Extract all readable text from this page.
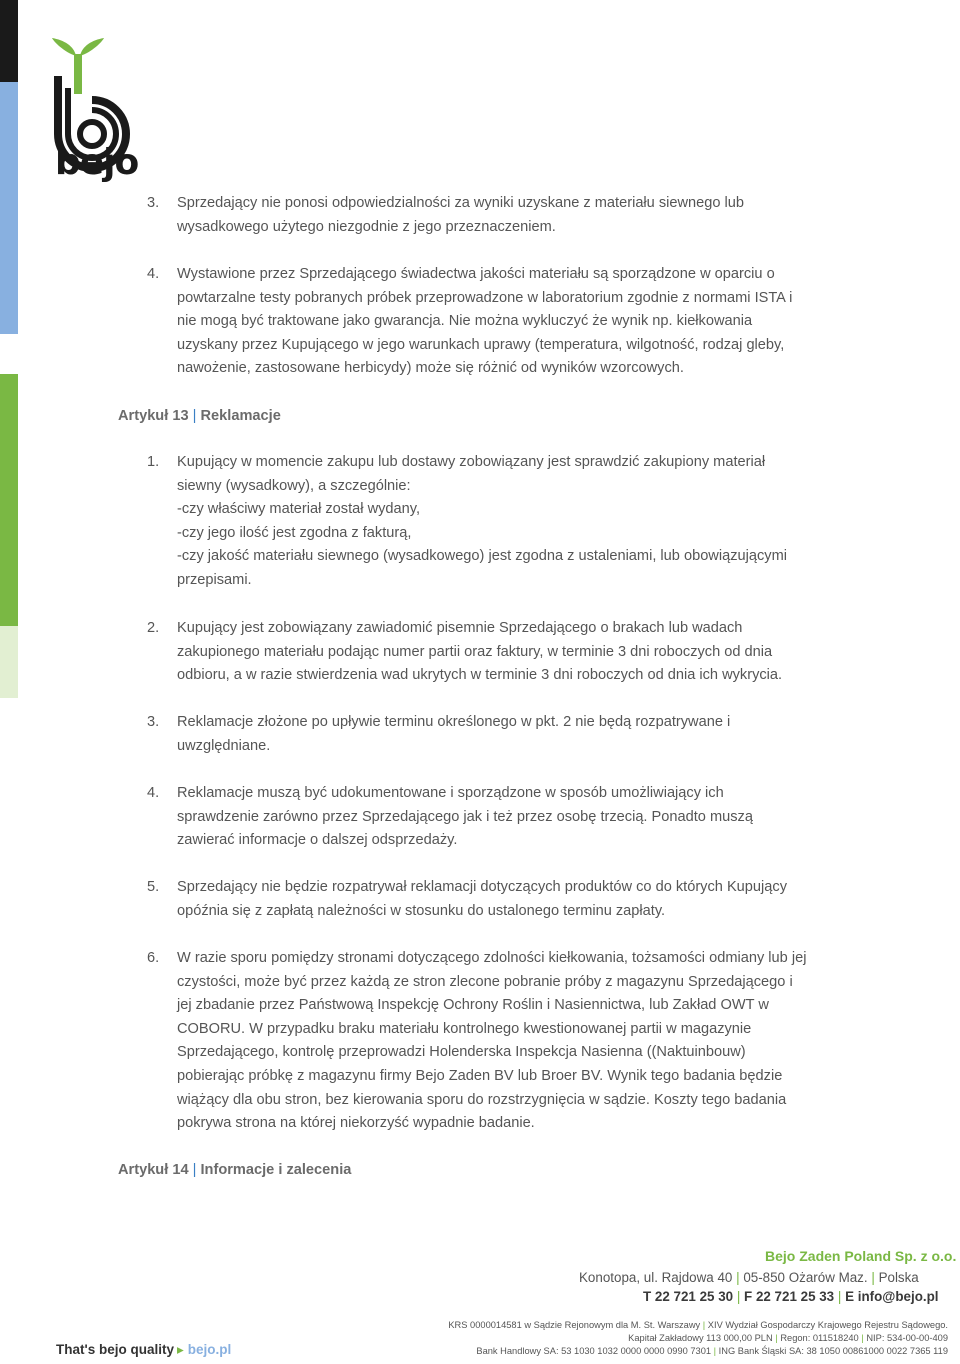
bejo
3. Sprzedający nie ponosi odpowiedzialności za wyniki uzyskane z materiału siewnego lub
wysadkowego użytego niezgodnie z jego przeznaczeniem.
4. Wystawione przez Sprzedającego świadectwa jakości materiału są sporządzone w oparciu o
powtarzalne testy pobranych próbek przeprowadzone w laboratorium zgodnie z normami ISTA i
nie mogą być traktowane jako gwarancja. Nie można wykluczyć że wynik np. kiełkowania
uzyskany przez Kupującego w jego warunkach uprawy (temperatura, wilgotność, rodzaj gleby,
nawożenie, zastosowane herbicydy) może się różnić od wyników wzorcowych.
Artykuł 13 | Reklamacje
1. Kupujący w momencie zakupu lub dostawy zobowiązany jest sprawdzić zakupiony materiał
siewny (wysadkowy), a szczególnie:
-czy właściwy materiał został wydany,
-czy jego ilość jest zgodna z fakturą,
-czy jakość materiału siewnego (wysadkowego) jest zgodna z ustaleniami, lub obowiązującymi
przepisami.
2. Kupujący jest zobowiązany zawiadomić pisemnie Sprzedającego o brakach lub wadach
zakupionego materiału podając numer partii oraz faktury, w terminie 3 dni roboczych od dnia
odbioru, a w razie stwierdzenia wad ukrytych w terminie 3 dni roboczych od dnia ich wykrycia.
3. Reklamacje złożone po upływie terminu określonego w pkt. 2 nie będą rozpatrywane i
uwzględniane.
4. Reklamacje muszą być udokumentowane i sporządzone w sposób umożliwiający ich
sprawdzenie zarówno przez Sprzedającego jak i też przez osobę trzecią. Ponadto muszą
zawierać informacje o dalszej odsprzedaży.
5. Sprzedający nie będzie rozpatrywał reklamacji dotyczących produktów co do których Kupujący
opóźnia się z zapłatą należności w stosunku do ustalonego terminu zapłaty.
6. W razie sporu pomiędzy stronami dotyczącego zdolności kiełkowania, tożsamości odmiany lub jej
czystości, może być przez każdą ze stron zlecone pobranie próby z magazynu Sprzedającego i
jej zbadanie przez Państwową Inspekcję Ochrony Roślin i Nasiennictwa, lub Zakład OWT w
COBORU. W przypadku braku materiału kontrolnego kwestionowanej partii w magazynie
Sprzedającego, kontrolę przeprowadzi Holenderska Inspekcja Nasienna ((Naktuinbouw)
pobierając próbkę z magazynu firmy Bejo Zaden BV lub Broer BV. Wynik tego badania będzie
wiążący dla obu stron, bez kierowania sporu do rozstrzygnięcia w sądzie. Koszty tego badania
pokrywa strona na której niekorzyść wypadnie badanie.
Artykuł 14 | Informacje i zalecenia
Bejo Zaden Poland Sp. z o.o.
Konotopa, ul. Rajdowa 40 | 05-850 Ożarów Maz. | Polska
T 22 721 25 30 | F 22 721 25 33 | E info@bejo.pl
KRS 0000014581 w Sądzie Rejonowym dla M. St. Warszawy | XIV Wydział Gospodarczy Krajowego Rejestru Sądowego.
Kapitał Zakładowy 113 000,00 PLN | Regon: 011518240 | NIP: 534-00-00-409
Bank Handlowy SA: 53 1030 1032 0000 0000 0990 7301 | ING Bank Śląski SA: 38 1050 00861000 0022 7365 119
That's bejo quality ▸ bejo.pl
